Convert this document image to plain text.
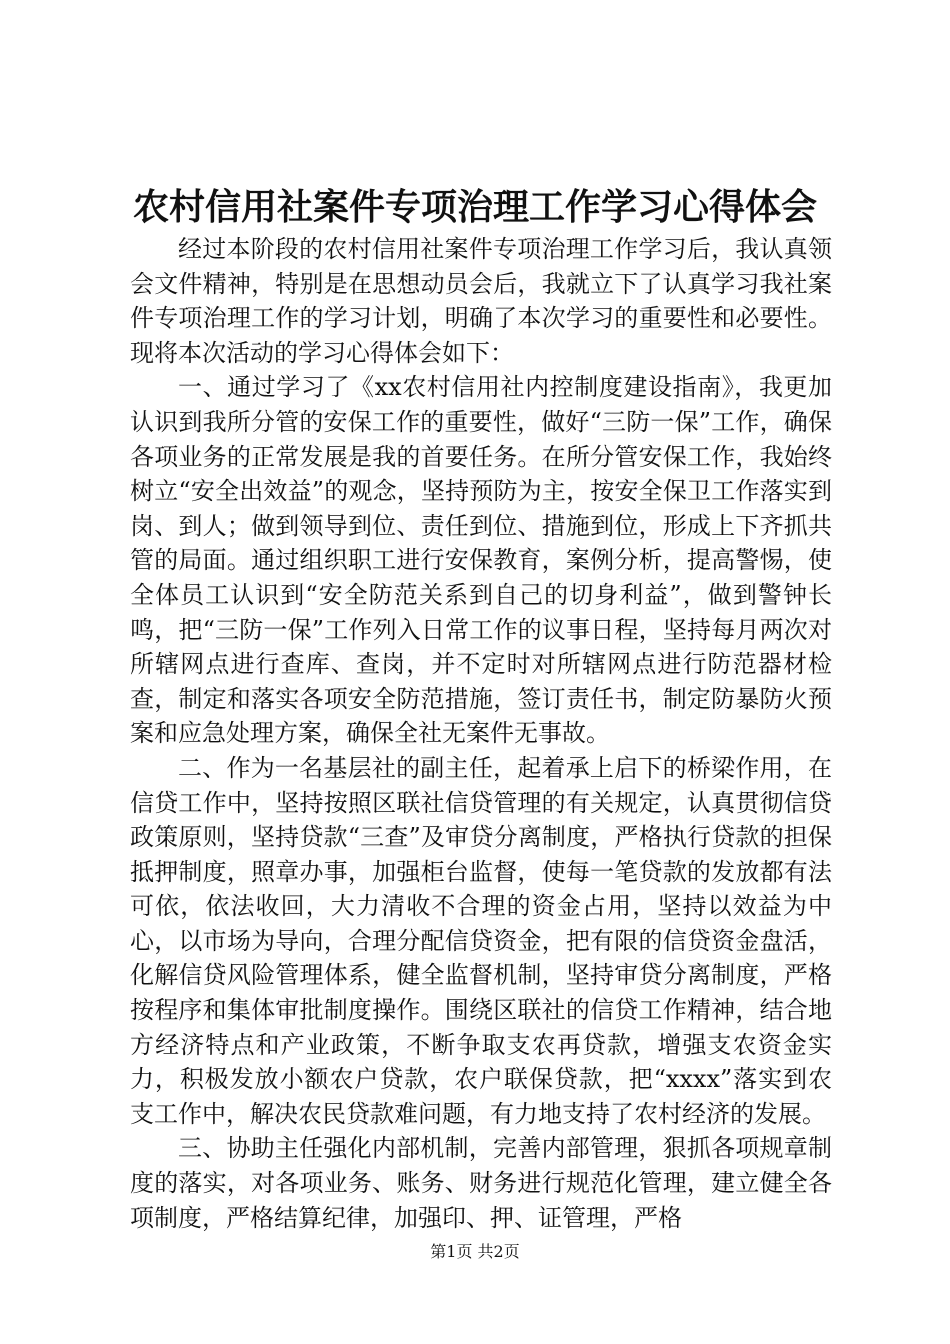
农村信用社案件专项治理工作学习心得体会

经过本阶段的农村信用社案件专项治理工作学习后，我认真领会文件精神，特别是在思想动员会后，我就立下了认真学习我社案件专项治理工作的学习计划，明确了本次学习的重要性和必要性。现将本次活动的学习心得体会如下：

一、通过学习了《xx农村信用社内控制度建设指南》，我更加认识到我所分管的安保工作的重要性，做好“三防一保”工作，确保各项业务的正常发展是我的首要任务。在所分管安保工作，我始终树立“安全出效益”的观念，坚持预防为主，按安全保卫工作落实到岗、到人；做到领导到位、责任到位、措施到位，形成上下齐抓共管的局面。通过组织职工进行安保教育，案例分析，提高警惕，使全体员工认识到“安全防范关系到自己的切身利益”，做到警钟长鸣，把“三防一保”工作列入日常工作的议事日程，坚持每月两次对所辖网点进行查库、查岗，并不定时对所辖网点进行防范器材检查，制定和落实各项安全防范措施，签订责任书，制定防暴防火预案和应急处理方案，确保全社无案件无事故。

二、作为一名基层社的副主任，起着承上启下的桥梁作用，在信贷工作中，坚持按照区联社信贷管理的有关规定，认真贯彻信贷政策原则，坚持贷款“三查”及审贷分离制度，严格执行贷款的担保抵押制度，照章办事，加强柜台监督，使每一笔贷款的发放都有法可依，依法收回，大力清收不合理的资金占用，坚持以效益为中心，以市场为导向，合理分配信贷资金，把有限的信贷资金盘活，化解信贷风险管理体系，健全监督机制，坚持审贷分离制度，严格按程序和集体审批制度操作。围绕区联社的信贷工作精神，结合地方经济特点和产业政策，不断争取支农再贷款，增强支农资金实力，积极发放小额农户贷款，农户联保贷款，把“xxxx”落实到农支工作中，解决农民贷款难问题，有力地支持了农村经济的发展。

三、协助主任强化内部机制，完善内部管理，狠抓各项规章制度的落实，对各项业务、账务、财务进行规范化管理，建立健全各项制度，严格结算纪律，加强印、押、证管理，严格

第1页 共2页
